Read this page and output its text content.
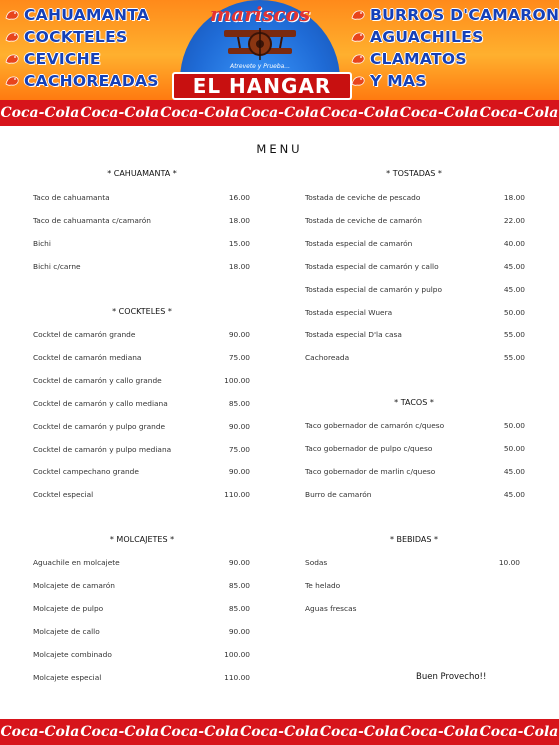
CAHUAMANTA
COCKTELES
CEVICHE
CACHOREADAS
mariscos
Atrevete y Prueba...
EL HANGAR
BURROS D'CAMARON
AGUACHILES
CLAMATOS
Y MAS
Coca-Cola Coca-Cola Coca-Cola Coca-Cola Coca-Cola Coca-Cola Coca-Cola
MENU
* CAHUAMANTA *
Taco de cahuamanta	16.00
Taco de cahuamanta c/camarón	18.00
Bichi	15.00
Bichi c/carne	18.00
* COCKTELES *
Cocktel de camarón grande	90.00
Cocktel de camarón mediana	75.00
Cocktel de camarón y callo grande	100.00
Cocktel de camarón y callo mediana	85.00
Cocktel de camarón y pulpo grande	90.00
Cocktel de camarón y pulpo mediana	75.00
Cocktel campechano grande	90.00
Cocktel especial	110.00
* MOLCAJETES *
Aguachile en molcajete	90.00
Molcajete de camarón	85.00
Molcajete de pulpo	85.00
Molcajete de callo	90.00
Molcajete combinado	100.00
Molcajete especial	110.00
* TOSTADAS *
Tostada de ceviche de pescado	18.00
Tostada de ceviche de camarón	22.00
Tostada especial de camarón	40.00
Tostada especial de camarón y callo	45.00
Tostada especial de camarón y pulpo	45.00
Tostada especial Wuera	50.00
Tostada especial D'la casa	55.00
Cachoreada	55.00
* TACOS *
Taco gobernador de camarón c/queso	50.00
Taco gobernador de pulpo c/queso	50.00
Taco gobernador de marlin c/queso	45.00
Burro de camarón	45.00
* BEBIDAS *
Sodas	10.00
Te helado
Aguas frescas
Buen Provecho!!
Coca-Cola Coca-Cola Coca-Cola Coca-Cola Coca-Cola Coca-Cola Coca-Cola
